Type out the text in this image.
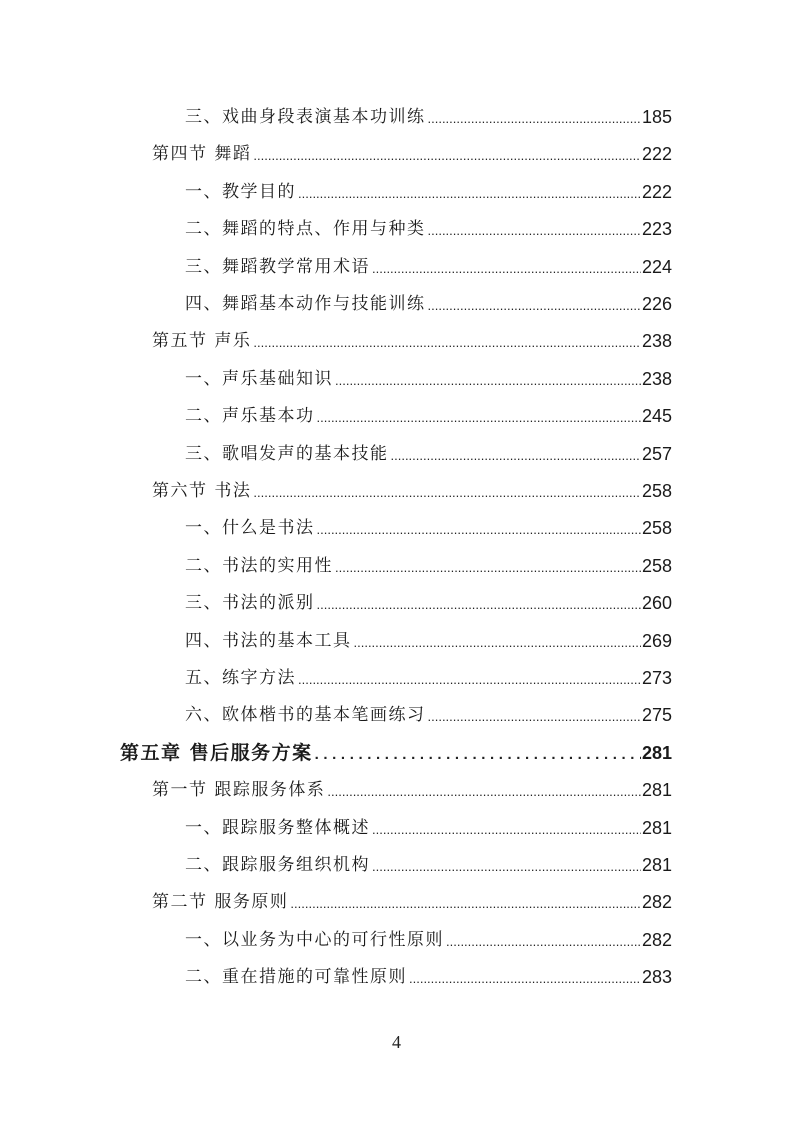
三、戏曲身段表演基本功训练 .....	185
第四节 舞蹈 .....	222
一、教学目的 .....	222
二、舞蹈的特点、作用与种类 .....	223
三、舞蹈教学常用术语 .....	224
四、舞蹈基本动作与技能训练 .....	226
第五节 声乐 .....	238
一、声乐基础知识 .....	238
二、声乐基本功 .....	245
三、歌唱发声的基本技能 .....	257
第六节 书法 .....	258
一、什么是书法 .....	258
二、书法的实用性 .....	258
三、书法的派别 .....	260
四、书法的基本工具 .....	269
五、练字方法 .....	273
六、欧体楷书的基本笔画练习 .....	275
第五章 售后服务方案 .....	281
第一节 跟踪服务体系 .....	281
一、跟踪服务整体概述 .....	281
二、跟踪服务组织机构 .....	281
第二节 服务原则 .....	282
一、以业务为中心的可行性原则 .....	282
二、重在措施的可靠性原则 .....	283
4
